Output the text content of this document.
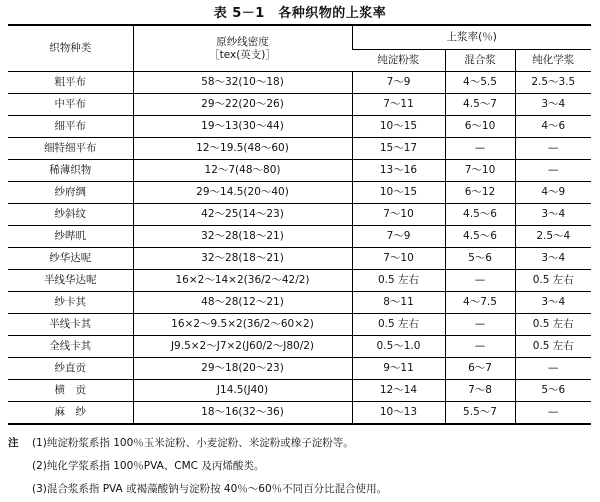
表 5－1　各种织物的上浆率
织物种类	原纱线密度
［tex(英支)］	上浆率(％)		
		纯淀粉浆	混合浆	纯化学浆
粗平布	58～32(10～18)	7～9	4～5.5	2.5～3.5
中平布	29～22(20～26)	7～11	4.5～7	3～4
细平布	19～13(30～44)	10～15	6～10	4～6
细特细平布	12～19.5(48～60)	15～17	—	—
稀薄织物	12～7(48～80)	13～16	7～10	—
纱府绸	29～14.5(20～40)	10～15	6～12	4～9
纱斜纹	42～25(14～23)	7～10	4.5～6	3～4
纱哔叽	32～28(18～21)	7～9	4.5～6	2.5～4
纱华达呢	32～28(18～21)	7～10	5～6	3～4
半线华达呢	16×2～14×2(36/2～42/2)	0.5 左右	—	0.5 左右
纱卡其	48～28(12～21)	8～11	4～7.5	3～4
半线卡其	16×2～9.5×2(36/2～60×2)	0.5 左右	—	0.5 左右
全线卡其	J9.5×2～J7×2(J60/2～J80/2)	0.5～1.0	—	0.5 左右
纱直贡	29～18(20～23)	9～11	6～7	—
横　贡	J14.5(J40)	12～14	7～8	5～6
麻　纱	18～16(32～36)	10～13	5.5～7	—
注 (1)纯淀粉浆系指 100％玉米淀粉、小麦淀粉、米淀粉或橡子淀粉等。
(2)纯化学浆系指 100％PVA、CMC 及丙烯酸类。
(3)混合浆系指 PVA 或褐藻酸钠与淀粉按 40％～60％不同百分比混合使用。
